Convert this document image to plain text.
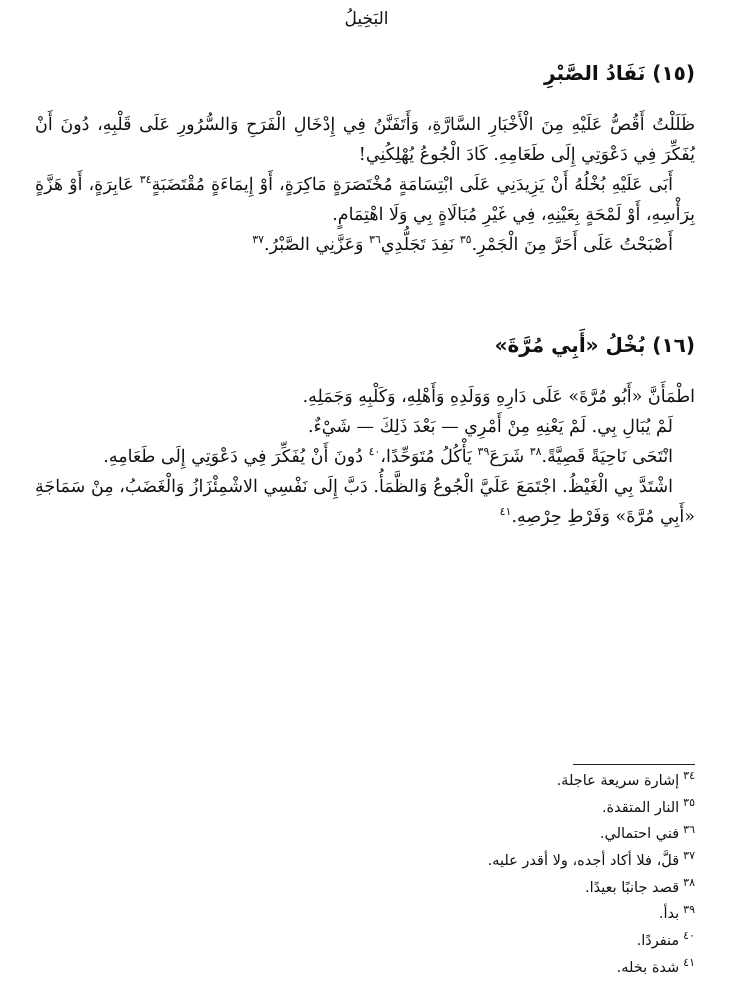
البَخِيلُ
(١٥) نَفَادُ الصَّبْرِ

ظَلَلْتُ أَقُصُّ عَلَيْهِ مِنَ الْأَخْبَارِ السَّارَّةِ، وَأَتَفَنَّنُ فِي إِدْخَالِ الْفَرَحِ وَالسُّرُورِ عَلَى قَلْبِهِ، دُونَ أَنْ يُفَكِّرَ فِي دَعْوَتِي إِلَى طَعَامِهِ. كَادَ الْجُوعُ يُهْلِكُنِي!

أَبَى عَلَيْهِ بُخْلُهُ أَنْ يَزِيدَنِي عَلَى ابْتِسَامَةٍ مُخْتَصَرَةٍ مَاكِرَةٍ، أَوْ إِيمَاءَةٍ مُقْتَضَبَةٍ$^{٣٤}$ عَابِرَةٍ، أَوْ هَزَّةٍ بِرَأْسِهِ، أَوْ لَمْحَةٍ بِعَيْنِهِ، فِي غَيْرِ مُبَالَاةٍ بِي وَلَا اهْتِمَامٍ.

أَصْبَحْتُ عَلَى أَحَرَّ مِنَ الْجَمْرِ.$^{٣٥}$ نَفِدَ تَجَلُّدِي$^{٣٦}$ وَعَزَّنِي الصَّبْرُ.$^{٣٧}$

(١٦) بُخْلُ «أَبِي مُرَّةَ»

اطْمَأَنَّ «أَبُو مُرَّةَ» عَلَى دَارِهِ وَوَلَدِهِ وَأَهْلِهِ، وَكَلْبِهِ وَجَمَلِهِ.

لَمْ يُبَالِ بِي. لَمْ يَعْنِهِ مِنْ أَمْرِي — بَعْدَ ذَلِكَ — شَيْءٌ.

انْتَحَى نَاحِيَةً قَصِيَّةً.$^{٣٨}$ شَرَعَ$^{٣٩}$ يَأْكُلُ مُتَوَحِّدًا،$^{٤٠}$ دُونَ أَنْ يُفَكِّرَ فِي دَعْوَتِي إِلَى طَعَامِهِ.

اشْتَدَّ بِي الْغَيْظُ. اجْتَمَعَ عَلَيَّ الْجُوعُ وَالظَّمَأُ. دَبَّ إِلَى نَفْسِي الاشْمِئْزَازُ وَالْغَضَبُ، مِنْ سَمَاجَةِ «أَبِي مُرَّةَ» وَفَرْطِ حِرْصِهِ.$^{٤١}$

$^{٣٤}$إشارة سريعة عاجلة.
$^{٣٥}$النار المتقدة.
$^{٣٦}$فني احتمالي.
$^{٣٧}$قلَّ، فلا أكاد أجده، ولا أقدر عليه.
$^{٣٨}$قصد جانبًا بعيدًا.
$^{٣٩}$بدأ.
$^{٤٠}$منفردًا.
$^{٤١}$شدة بخله.
